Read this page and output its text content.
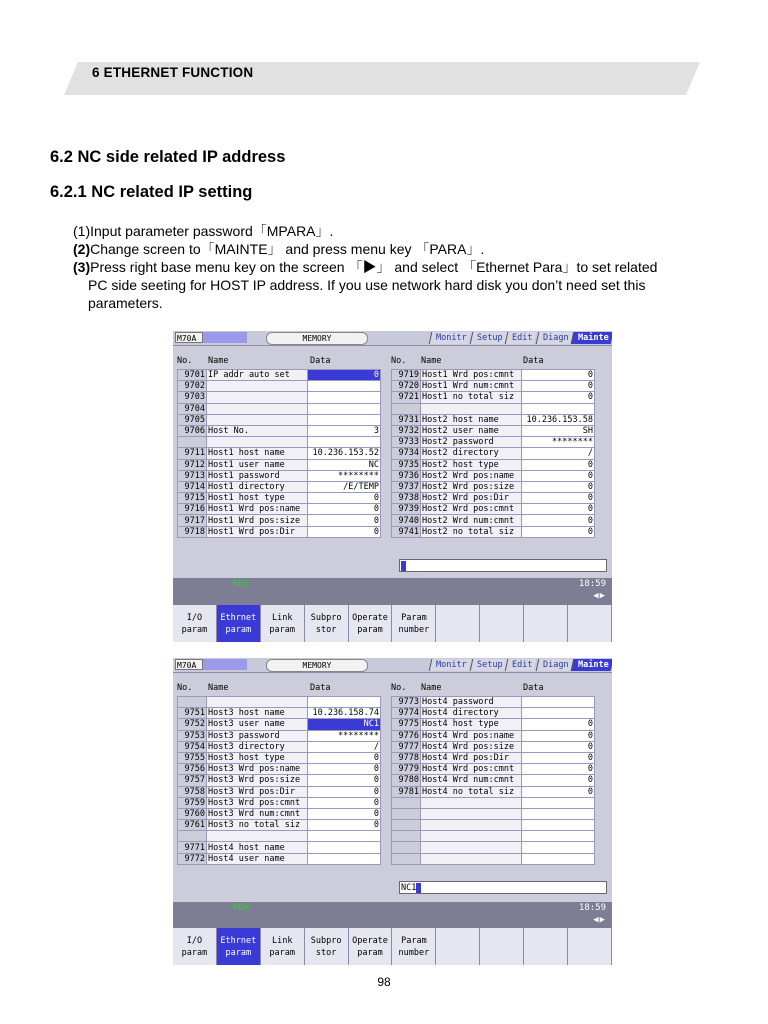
6 ETHERNET FUNCTION
6.2 NC side related IP address
6.2.1 NC related IP setting
(1)Input parameter password「MPARA」.
(2)Change screen to「MAINTE」 and press menu key 「PARA」.
(3)Press right base menu key on the screen 「▶」 and select 「Ethernet Para」to set related
PC side seeting for HOST IP address. If you use network hard disk you don’t need set this
parameters.
M70A	MEMORY	Monitr	Setup	Edit	Diagn	Mainte
No. Name	Data	No. Name	Data
9701	IP addr auto set	0
9702		
9703		
9704		
9705		
9706	Host No.	3

9711	Host1 host name	10.236.153.52
9712	Host1 user name	NC
9713	Host1 password	********
9714	Host1 directory	/E/TEMP
9715	Host1 host type	0
9716	Host1 Wrd pos:name	0
9717	Host1 Wrd pos:size	0
9718	Host1 Wrd pos:Dir	0
9719	Host1 Wrd pos:cmnt	0
9720	Host1 Wrd num:cmnt	0
9721	Host1 no total siz	0

9731	Host2 host name	10.236.153.58
9732	Host2 user name	SH
9733	Host2 password	********
9734	Host2 directory	/
9735	Host2 host type	0
9736	Host2 Wrd pos:name	0
9737	Host2 Wrd pos:size	0
9738	Host2 Wrd pos:Dir	0
9739	Host2 Wrd pos:cmnt	0
9740	Host2 Wrd num:cmnt	0
9741	Host2 no total siz	0
RDY	18:59
◀▶
I/O
param
Ethrnet
param
Link
param
Subpro
stor
Operate
param
Param
number
M70A	MEMORY	Monitr	Setup	Edit	Diagn	Mainte
No. Name	Data	No. Name	Data

9751	Host3 host name	10.236.158.74
9752	Host3 user name	NC1
9753	Host3 password	********
9754	Host3 directory	/
9755	Host3 host type	0
9756	Host3 Wrd pos:name	0
9757	Host3 Wrd pos:size	0
9758	Host3 Wrd pos:Dir	0
9759	Host3 Wrd pos:cmnt	0
9760	Host3 Wrd num:cmnt	0
9761	Host3 no total siz	0

9771	Host4 host name	
9772	Host4 user name	
9773	Host4 password	
9774	Host4 directory	
9775	Host4 host type	0
9776	Host4 Wrd pos:name	0
9777	Host4 Wrd pos:size	0
9778	Host4 Wrd pos:Dir	0
9779	Host4 Wrd pos:cmnt	0
9780	Host4 Wrd num:cmnt	0
9781	Host4 no total siz	0

NC1
RDY	18:59
◀▶
I/O
param
Ethrnet
param
Link
param
Subpro
stor
Operate
param
Param
number
98
